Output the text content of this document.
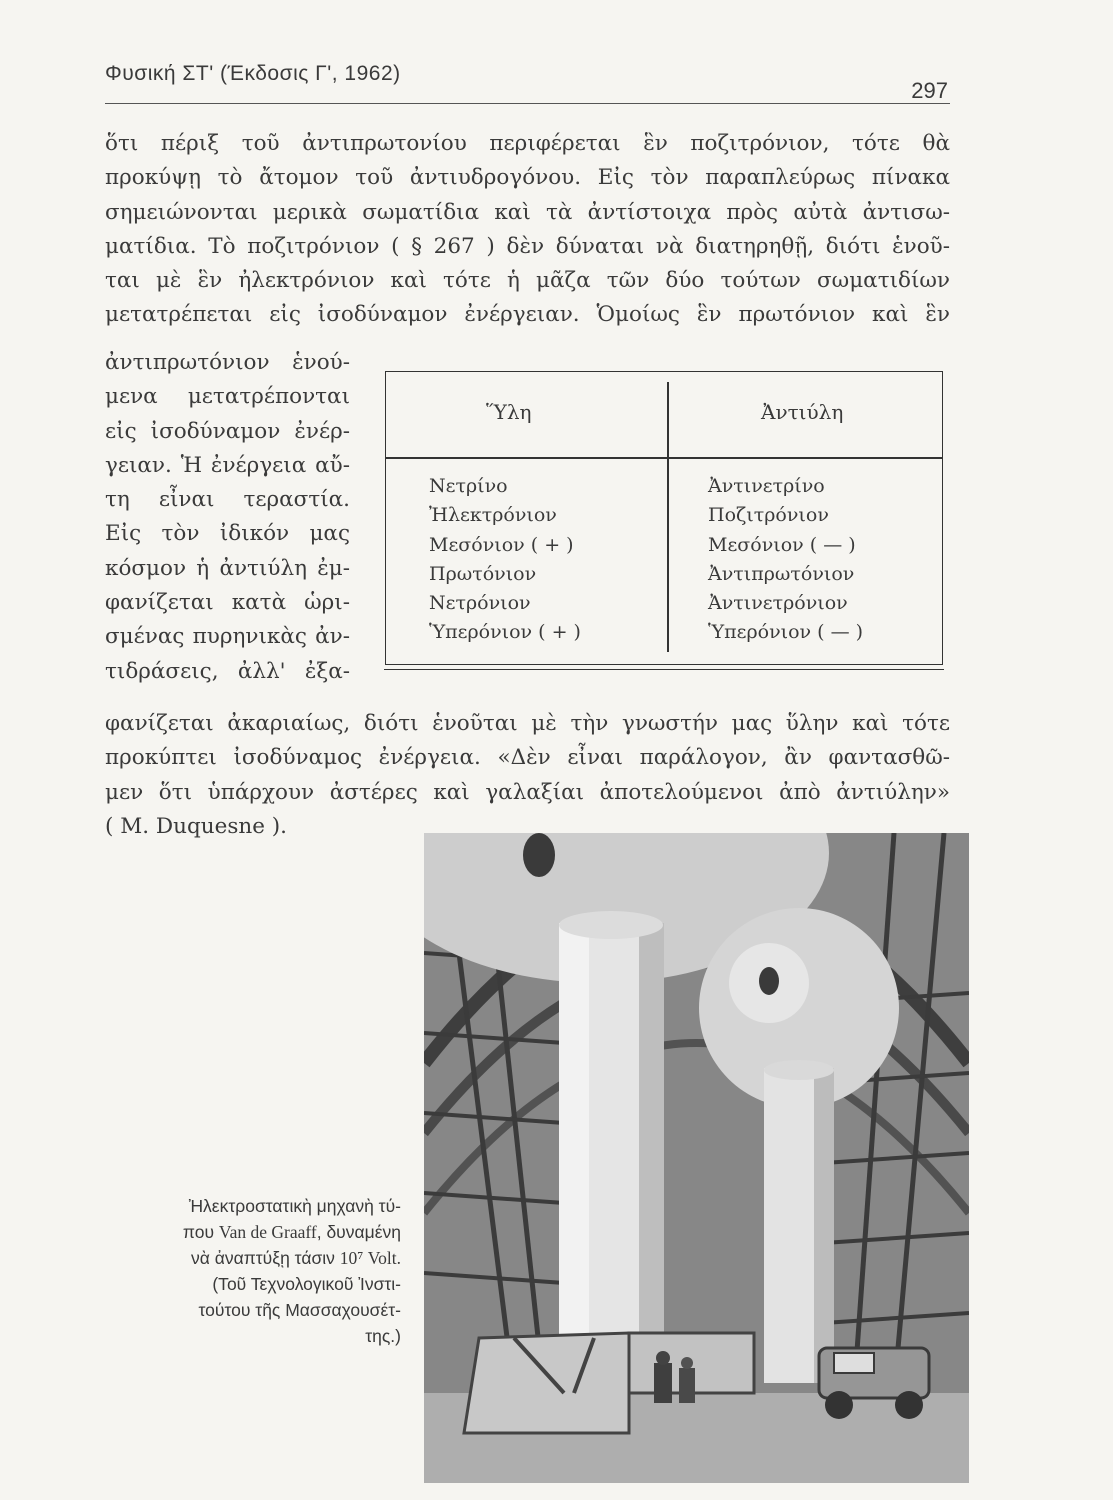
Φυσική ΣΤ' (Έκδοσις Γ', 1962)
297
ὅτι πέριξ τοῦ ἀντιπρωτονίου περιφέρεται ἓν ποζιτρόνιον, τότε θὰ
προκύψῃ τὸ ἄτομον τοῦ ἀντιυδρογόνου. Εἰς τὸν παραπλεύρως πίνακα
σημειώνονται μερικὰ σωματίδια καὶ τὰ ἀντίστοιχα πρὸς αὐτὰ ἀντισω-
ματίδια. Τὸ ποζιτρόνιον ( § 267 ) δὲν δύναται νὰ διατηρηθῇ, διότι ἑνοῦ-
ται μὲ ἓν ἠλεκτρόνιον καὶ τότε ἡ μᾶζα τῶν δύο τούτων σωματιδίων
μετατρέπεται εἰς ἰσοδύναμον ἐνέργειαν. Ὁμοίως ἓν πρωτόνιον καὶ ἓν
ἀντιπρωτόνιον ἑνού-
μενα μετατρέπονται
εἰς ἰσοδύναμον ἐνέρ-
γειαν. Ἡ ἐνέργεια αὔ-
τη εἶναι τεραστία.
Εἰς τὸν ἰδικόν μας
κόσμον ἡ ἀντιύλη ἐμ-
φανίζεται κατὰ ὡρι-
σμένας πυρηνικὰς ἀν-
τιδράσεις, ἀλλ' ἐξα-
Ὕλη	Ἀντιύλη
Νετρίνο
Ἠλεκτρόνιον
Μεσόνιον ( + )
Πρωτόνιον
Νετρόνιον
Ὑπερόνιον ( + )
Ἀντινετρίνο
Ποζιτρόνιον
Μεσόνιον ( — )
Ἀντιπρωτόνιον
Ἀντινετρόνιον
Ὑπερόνιον ( — )
φανίζεται ἀκαριαίως, διότι ἑνοῦται μὲ τὴν γνωστήν μας ὕλην καὶ τότε
προκύπτει ἰσοδύναμος ἐνέργεια. «Δὲν εἶναι παράλογον, ἂν φαντασθῶ-
μεν ὅτι ὑπάρχουν ἀστέρες καὶ γαλαξίαι ἀποτελούμενοι ἀπὸ ἀντιύλην»
( M. Duquesne ).
Ἠλεκτροστατικὴ μηχανὴ τύ-
που Van de Graaff, δυναμένη
νὰ ἀναπτύξῃ τάσιν 10⁷ Volt.
(Τοῦ Τεχνολογικοῦ Ἰνστι-
τούτου τῆς Μασσαχουσέτ-
της.)
